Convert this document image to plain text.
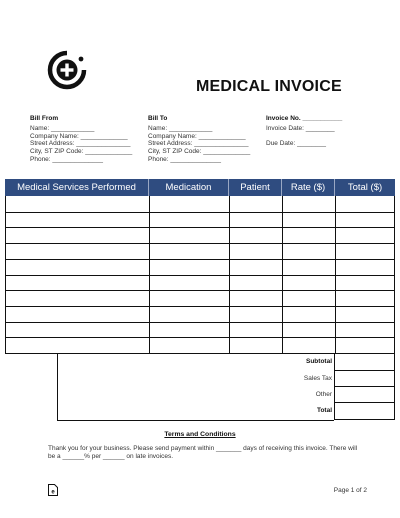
MEDICAL INVOICE
Bill From
Name: ____________
Company Name: _____________
Street Address: _______________
City, ST ZIP Code: _____________
Phone: ______________
Bill To
Name: ____________
Company Name: _____________
Street Address: _______________
City, ST ZIP Code: _____________
Phone: ______________
Invoice No. ___________
Invoice Date: ________
Due Date: ________
Medical Services Performed	Medication	Patient	Rate ($)	Total ($)
Subtotal
Sales Tax
Other
Total
Terms and Conditions
Thank you for your business. Please send payment within _______ days of receiving this invoice. There will be a ______% per ______ on late invoices.
e	Page 1 of 2
